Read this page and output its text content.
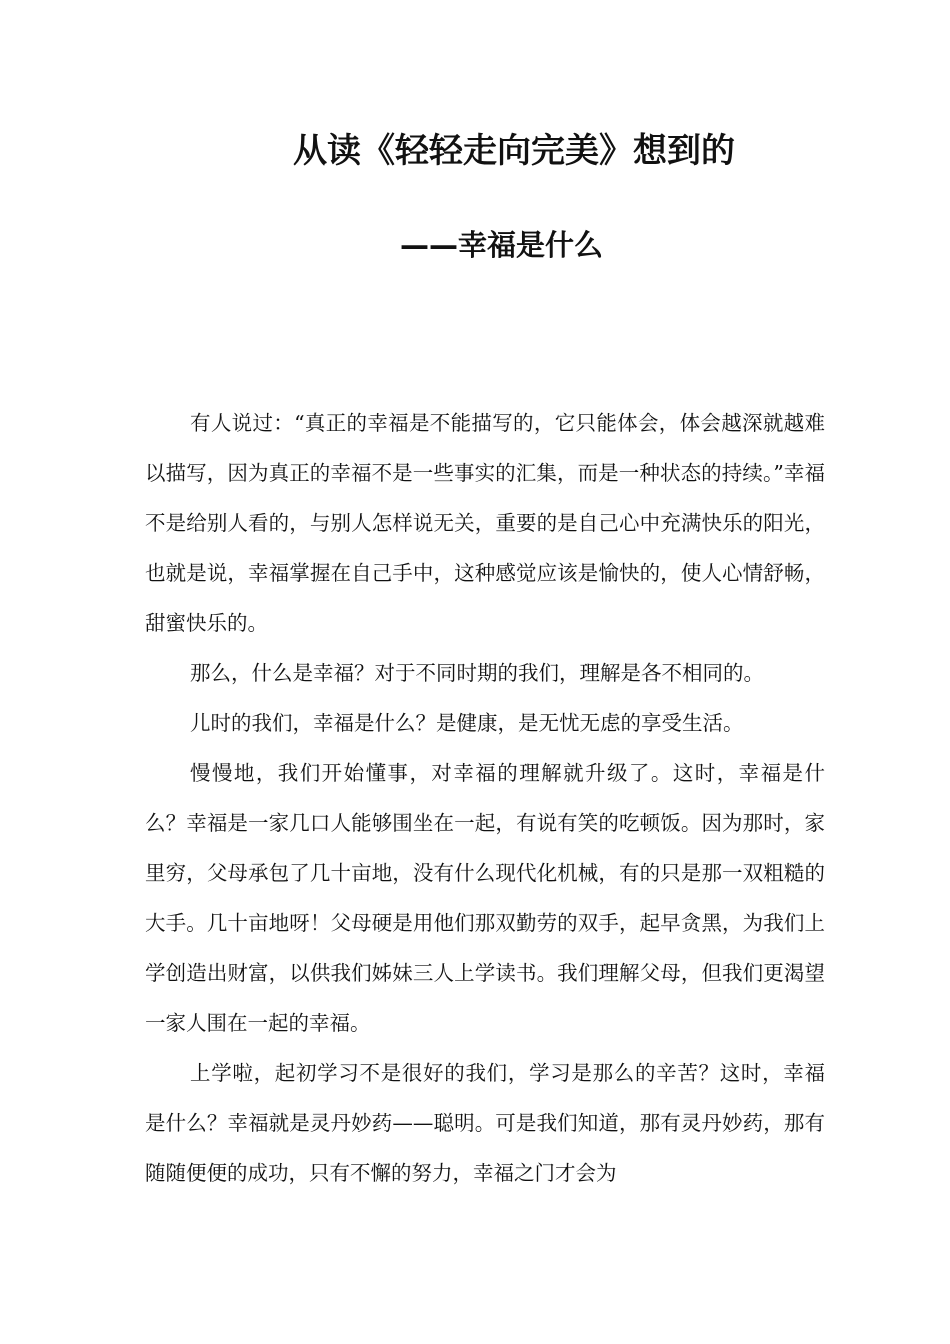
从读《轻轻走向完美》想到的
——幸福是什么

有人说过：“真正的幸福是不能描写的，它只能体会，体会越深就越难以描写，因为真正的幸福不是一些事实的汇集，而是一种状态的持续。”幸福不是给别人看的，与别人怎样说无关，重要的是自己心中充满快乐的阳光，也就是说，幸福掌握在自己手中，这种感觉应该是愉快的，使人心情舒畅，甜蜜快乐的。

那么，什么是幸福？对于不同时期的我们，理解是各不相同的。

儿时的我们，幸福是什么？是健康，是无忧无虑的享受生活。

慢慢地，我们开始懂事，对幸福的理解就升级了。这时，幸福是什么？幸福是一家几口人能够围坐在一起，有说有笑的吃顿饭。因为那时，家里穷，父母承包了几十亩地，没有什么现代化机械，有的只是那一双粗糙的大手。几十亩地呀！父母硬是用他们那双勤劳的双手，起早贪黑，为我们上学创造出财富，以供我们姊妹三人上学读书。我们理解父母，但我们更渴望一家人围在一起的幸福。

上学啦，起初学习不是很好的我们，学习是那么的辛苦？这时，幸福是什么？幸福就是灵丹妙药——聪明。可是我们知道，那有灵丹妙药，那有随随便便的成功，只有不懈的努力，幸福之门才会为
